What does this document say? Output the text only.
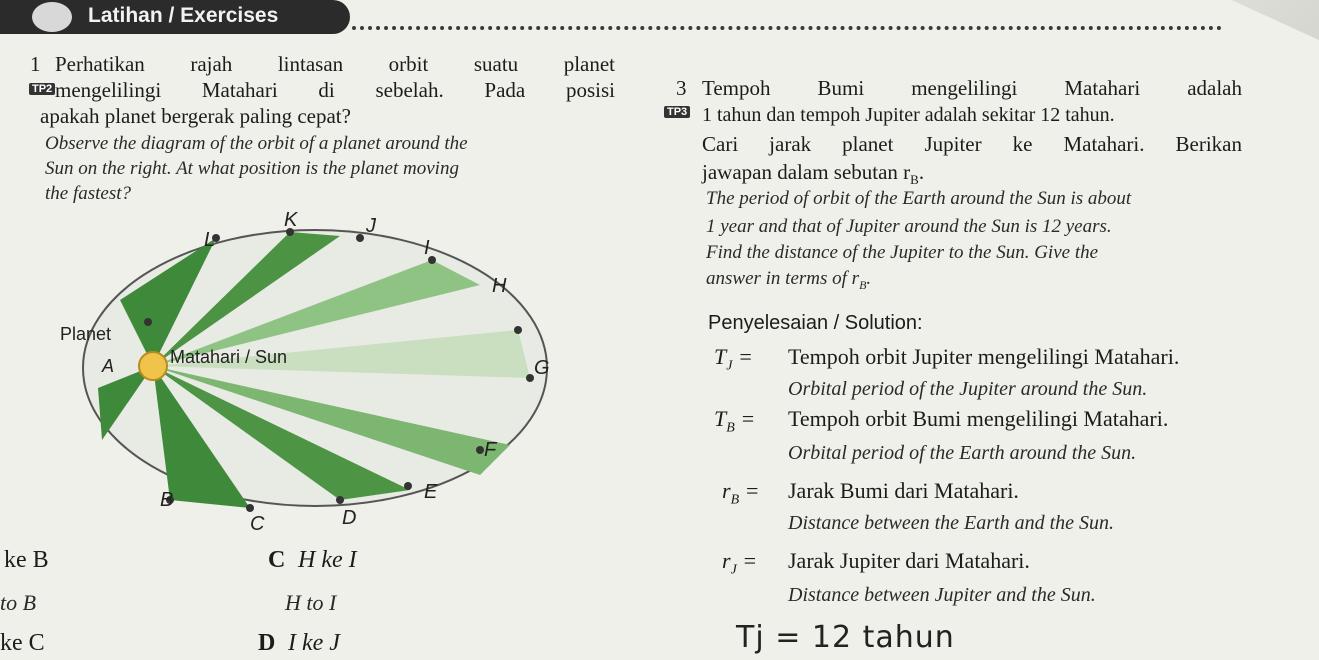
Latihan / Exercises
1
TP2
Perhatikan rajah lintasan orbit suatu planet
mengelilingi Matahari di sebelah. Pada posisi
apakah planet bergerak paling cepat?
Observe the diagram of the orbit of a planet around the
Sun on the right. At what position is the planet moving
the fastest?
Planet
Matahari / Sun
A
B
C	D
E
F
G
H
I
J
K
L
ke B
to B
C H ke I
H to I
ke C	D I ke J
3
TP3
Tempoh Bumi mengelilingi Matahari adalah
1 tahun dan tempoh Jupiter adalah sekitar 12 tahun.
Cari jarak planet Jupiter ke Matahari. Berikan
jawapan dalam sebutan $r_B$.
The period of orbit of the Earth around the Sun is about
1 year and that of Jupiter around the Sun is 12 years.
Find the distance of the Jupiter to the Sun. Give the
answer in terms of $r_B$.
Penyelesaian / Solution:
$T_J$ = Tempoh orbit Jupiter mengelilingi Matahari.
Orbital period of the Jupiter around the Sun.
$T_B$ = Tempoh orbit Bumi mengelilingi Matahari.
Orbital period of the Earth around the Sun.
$r_B$ = Jarak Bumi dari Matahari.
Distance between the Earth and the Sun.
$r_J$ = Jarak Jupiter dari Matahari.
Distance between Jupiter and the Sun.
Tj = 12 tahun
